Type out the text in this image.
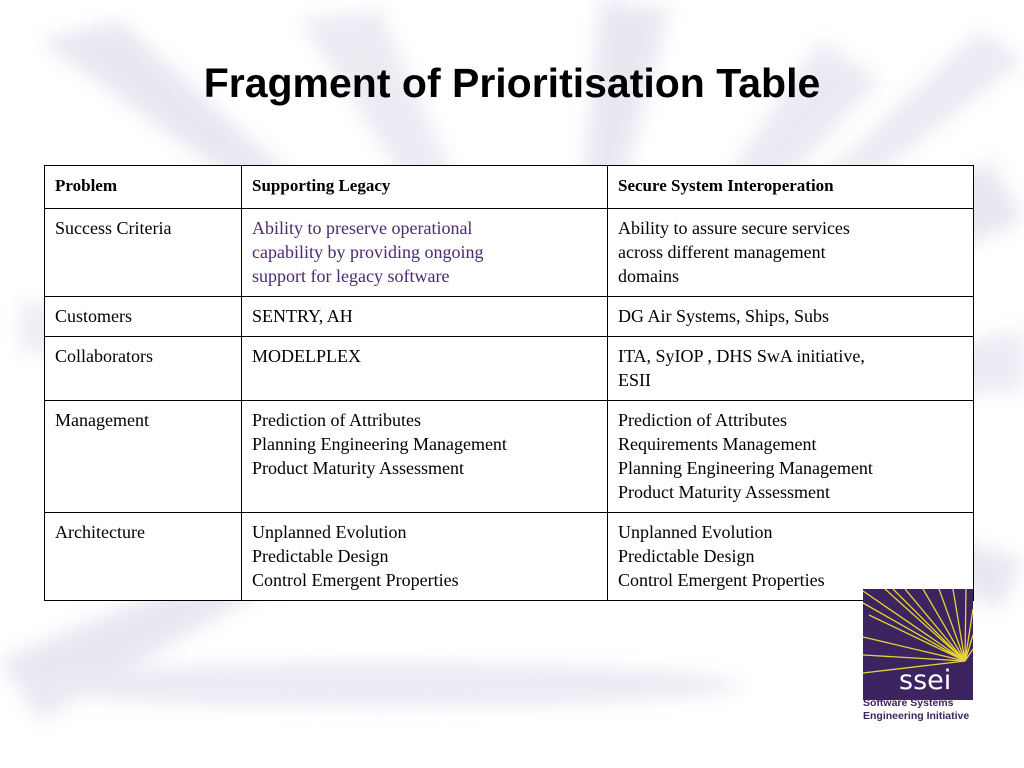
Fragment of Prioritisation Table
Problem	Supporting Legacy	Secure System Interoperation
Success Criteria	Ability to preserve operational
capability by providing ongoing
support for legacy software	Ability to assure secure services
across different management
domains

Customers	SENTRY, AH	DG Air Systems, Ships, Subs

Collaborators	MODELPLEX	ITA, SyIOP , DHS SwA initiative,
ESII

Management	Prediction of Attributes
Planning Engineering Management
Product Maturity Assessment	Prediction of Attributes
Requirements Management
Planning Engineering Management
Product Maturity Assessment

Architecture	Unplanned Evolution
Predictable Design
Control Emergent Properties	Unplanned Evolution
Predictable Design
Control Emergent Properties
ssei
Software Systems
Engineering Initiative
